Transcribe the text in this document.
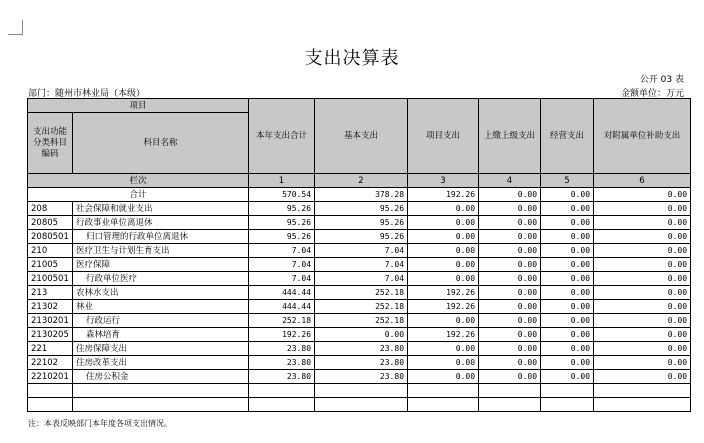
支出决算表
公开 03 表
部门：随州市林业局（本级）	金额单位：万元
项目		本年支出合计	基本支出	项目支出	上缴上级支出	经营支出	对附属单位补助支出
支出功能分类科目编码	科目名称						
栏次		1	2	3	4	5	6
合计		570.54	378.28	192.26	0.00	0.00	0.00
208	社会保障和就业支出	95.26	95.26	0.00	0.00	0.00	0.00
20805	行政事业单位离退休	95.26	95.26	0.00	0.00	0.00	0.00
2080501	归口管理的行政单位离退休	95.26	95.26	0.00	0.00	0.00	0.00
210	医疗卫生与计划生育支出	7.04	7.04	0.00	0.00	0.00	0.00
21005	医疗保障	7.04	7.04	0.00	0.00	0.00	0.00
2100501	行政单位医疗	7.04	7.04	0.00	0.00	0.00	0.00
213	农林水支出	444.44	252.18	192.26	0.00	0.00	0.00
21302	林业	444.44	252.18	192.26	0.00	0.00	0.00
2130201	行政运行	252.18	252.18	0.00	0.00	0.00	0.00
2130205	森林培育	192.26	0.00	192.26	0.00	0.00	0.00
221	住房保障支出	23.80	23.80	0.00	0.00	0.00	0.00
22102	住房改革支出	23.80	23.80	0.00	0.00	0.00	0.00
2210201	住房公积金	23.80	23.80	0.00	0.00	0.00	0.00

注：本表反映部门本年度各项支出情况。
